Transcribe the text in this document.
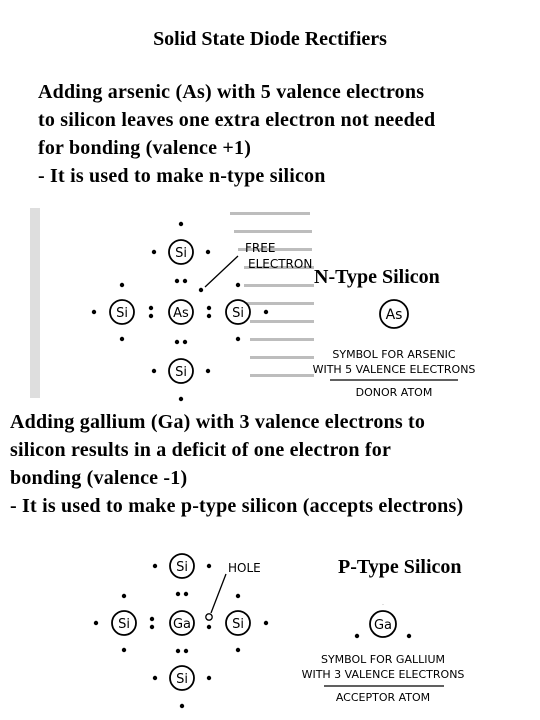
Solid State Diode Rectifiers
Adding arsenic (As) with 5 valence electrons
to silicon leaves one extra electron not needed
for bonding (valence +1)
- It is used to make n-type silicon
Si
Si	As	Si
Si
FREE
ELECTRON
N-Type Silicon
As
SYMBOL FOR ARSENIC
WITH 5 VALENCE ELECTRONS
DONOR ATOM
Adding gallium (Ga) with 3 valence electrons to
silicon results in a deficit of one electron for
bonding (valence -1)
- It is used to make p-type silicon (accepts electrons)
Si
Si	Ga	Si
Si
HOLE	P-Type Silicon
Ga
SYMBOL FOR GALLIUM
WITH 3 VALENCE ELECTRONS
ACCEPTOR ATOM
